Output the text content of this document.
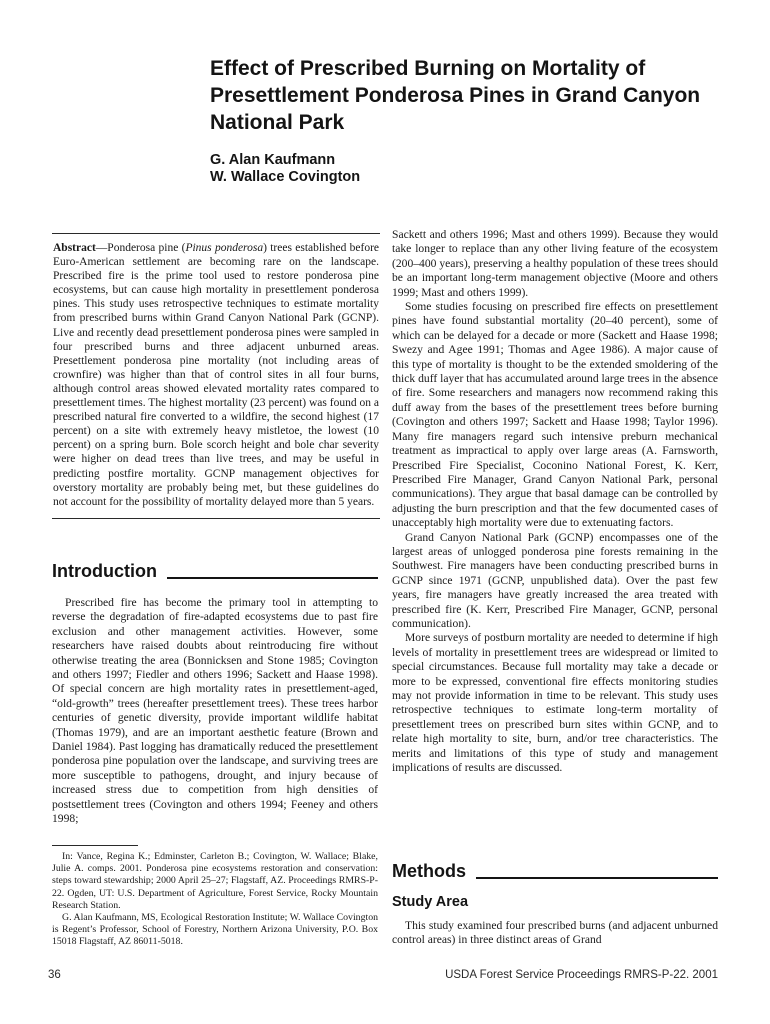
Effect of Prescribed Burning on Mortality of Presettlement Ponderosa Pines in Grand Canyon National Park
G. Alan Kaufmann
W. Wallace Covington

Abstract—Ponderosa pine (Pinus ponderosa) trees established before Euro-American settlement are becoming rare on the landscape. Prescribed fire is the prime tool used to restore ponderosa pine ecosystems, but can cause high mortality in presettlement ponderosa pines. This study uses retrospective techniques to estimate mortality from prescribed burns within Grand Canyon National Park (GCNP). Live and recently dead presettlement ponderosa pines were sampled in four prescribed burns and three adjacent unburned areas. Presettlement ponderosa pine mortality (not including areas of crownfire) was higher than that of control sites in all four burns, although control areas showed elevated mortality rates compared to presettlement times. The highest mortality (23 percent) was found on a prescribed natural fire converted to a wildfire, the second highest (17 percent) on a site with extremely heavy mistletoe, the lowest (10 percent) on a spring burn. Bole scorch height and bole char severity were higher on dead trees than live trees, and may be useful in predicting postfire mortality. GCNP management objectives for overstory mortality are probably being met, but these guidelines do not account for the possibility of mortality delayed more than 5 years.

Introduction

Prescribed fire has become the primary tool in attempting to reverse the degradation of fire-adapted ecosystems due to past fire exclusion and other management activities. However, some researchers have raised doubts about reintroducing fire without otherwise treating the area (Bonnicksen and Stone 1985; Covington and others 1997; Fiedler and others 1996; Sackett and Haase 1998). Of special concern are high mortality rates in presettlement-aged, “old-growth” trees (hereafter presettlement trees). These trees harbor centuries of genetic diversity, provide important wildlife habitat (Thomas 1979), and are an important aesthetic feature (Brown and Daniel 1984). Past logging has dramatically reduced the presettlement ponderosa pine population over the landscape, and surviving trees are more susceptible to pathogens, drought, and injury because of increased stress due to competition from high densities of postsettlement trees (Covington and others 1994; Feeney and others 1998;

In: Vance, Regina K.; Edminster, Carleton B.; Covington, W. Wallace; Blake, Julie A. comps. 2001. Ponderosa pine ecosystems restoration and conservation: steps toward stewardship; 2000 April 25–27; Flagstaff, AZ. Proceedings RMRS-P-22. Ogden, UT: U.S. Department of Agriculture, Forest Service, Rocky Mountain Research Station.

G. Alan Kaufmann, MS, Ecological Restoration Institute; W. Wallace Covington is Regent’s Professor, School of Forestry, Northern Arizona University, P.O. Box 15018 Flagstaff, AZ 86011-5018.

Sackett and others 1996; Mast and others 1999). Because they would take longer to replace than any other living feature of the ecosystem (200–400 years), preserving a healthy population of these trees should be an important long-term management objective (Moore and others 1999; Mast and others 1999).

Some studies focusing on prescribed fire effects on presettlement pines have found substantial mortality (20–40 percent), some of which can be delayed for a decade or more (Sackett and Haase 1998; Swezy and Agee 1991; Thomas and Agee 1986). A major cause of this type of mortality is thought to be the extended smoldering of the thick duff layer that has accumulated around large trees in the absence of fire. Some researchers and managers now recommend raking this duff away from the bases of the presettlement trees before burning (Covington and others 1997; Sackett and Haase 1998; Taylor 1996). Many fire managers regard such intensive preburn mechanical treatment as impractical to apply over large areas (A. Farnsworth, Prescribed Fire Specialist, Coconino National Forest, K. Kerr, Prescribed Fire Manager, Grand Canyon National Park, personal communications). They argue that basal damage can be controlled by adjusting the burn prescription and that the few documented cases of unacceptably high mortality were due to extenuating factors.

Grand Canyon National Park (GCNP) encompasses one of the largest areas of unlogged ponderosa pine forests remaining in the Southwest. Fire managers have been conducting prescribed burns in GCNP since 1971 (GCNP, unpublished data). Over the past few years, fire managers have greatly increased the area treated with prescribed fire (K. Kerr, Prescribed Fire Manager, GCNP, personal communication).

More surveys of postburn mortality are needed to determine if high levels of mortality in presettlement trees are widespread or limited to special circumstances. Because full mortality may take a decade or more to be expressed, conventional fire effects monitoring studies may not provide information in time to be relevant. This study uses retrospective techniques to estimate long-term mortality of presettlement trees on prescribed burn sites within GCNP, and to relate high mortality to site, burn, and/or tree characteristics. The merits and limitations of this type of study and management implications of results are discussed.

Methods
Study Area

This study examined four prescribed burns (and adjacent unburned control areas) in three distinct areas of Grand

36	USDA Forest Service Proceedings RMRS-P-22. 2001
